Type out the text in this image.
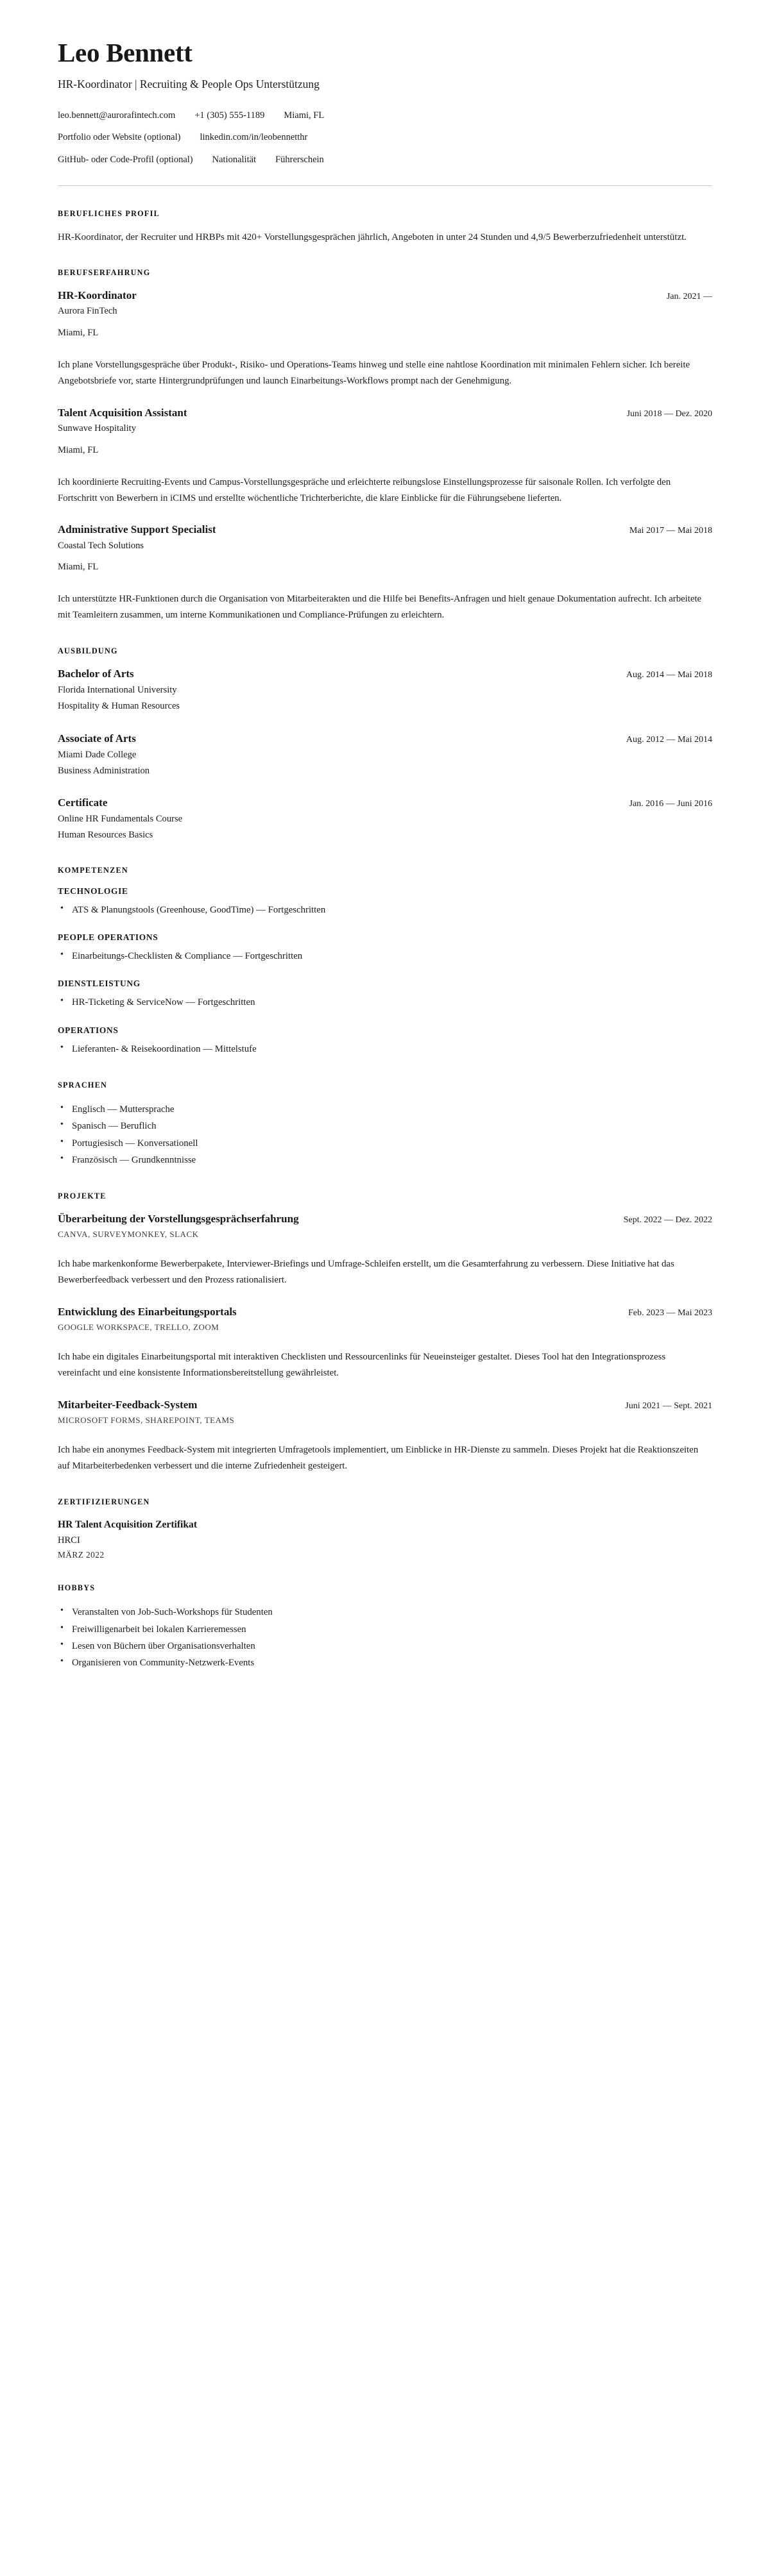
Leo Bennett

HR-Koordinator | Recruiting & People Ops Unterstützung

leo.bennett@aurorafintech.com +1 (305) 555-1189 Miami, FL
Portfolio oder Website (optional) linkedin.com/in/leobennetthr
GitHub- oder Code-Profil (optional) Nationalität Führerschein
BERUFLICHES PROFIL

HR-Koordinator, der Recruiter und HRBPs mit 420+ Vorstellungsgesprächen jährlich, Angeboten in unter 24 Stunden und 4,9/5 Bewerberzufriedenheit unterstützt.

BERUFSERFAHRUNG
HR-Koordinator	Jan. 2021 —

Aurora FinTech

Miami, FL

Ich plane Vorstellungsgespräche über Produkt-, Risiko- und Operations-Teams hinweg und stelle eine nahtlose Koordination mit minimalen Fehlern sicher. Ich bereite Angebotsbriefe vor, starte Hintergrundprüfungen und launch Einarbeitungs-Workflows prompt nach der Genehmigung.

Talent Acquisition Assistant	Juni 2018 — Dez. 2020

Sunwave Hospitality

Miami, FL

Ich koordinierte Recruiting-Events und Campus-Vorstellungsgespräche und erleichterte reibungslose Einstellungsprozesse für saisonale Rollen. Ich verfolgte den Fortschritt von Bewerbern in iCIMS und erstellte wöchentliche Trichterberichte, die klare Einblicke für die Führungsebene lieferten.

Administrative Support Specialist	Mai 2017 — Mai 2018

Coastal Tech Solutions

Miami, FL

Ich unterstützte HR-Funktionen durch die Organisation von Mitarbeiterakten und die Hilfe bei Benefits-Anfragen und hielt genaue Dokumentation aufrecht. Ich arbeitete mit Teamleitern zusammen, um interne Kommunikationen und Compliance-Prüfungen zu erleichtern.

AUSBILDUNG
Bachelor of Arts	Aug. 2014 — Mai 2018

Florida International University

Hospitality & Human Resources

Associate of Arts	Aug. 2012 — Mai 2014

Miami Dade College

Business Administration

Certificate	Jan. 2016 — Juni 2016

Online HR Fundamentals Course

Human Resources Basics

KOMPETENZEN
TECHNOLOGIE
• ATS & Planungstools (Greenhouse, GoodTime) — Fortgeschritten
PEOPLE OPERATIONS
• Einarbeitungs-Checklisten & Compliance — Fortgeschritten
DIENSTLEISTUNG
• HR-Ticketing & ServiceNow — Fortgeschritten
OPERATIONS
• Lieferanten- & Reisekoordination — Mittelstufe
SPRACHEN
• Englisch — Muttersprache
• Spanisch — Beruflich
• Portugiesisch — Konversationell
• Französisch — Grundkenntnisse
PROJEKTE
Überarbeitung der Vorstellungsgesprächserfahrung	Sept. 2022 — Dez. 2022

CANVA, SURVEYMONKEY, SLACK

Ich habe markenkonforme Bewerberpakete, Interviewer-Briefings und Umfrage-Schleifen erstellt, um die Gesamterfahrung zu verbessern. Diese Initiative hat das Bewerberfeedback verbessert und den Prozess rationalisiert.

Entwicklung des Einarbeitungsportals	Feb. 2023 — Mai 2023

GOOGLE WORKSPACE, TRELLO, ZOOM

Ich habe ein digitales Einarbeitungsportal mit interaktiven Checklisten und Ressourcenlinks für Neueinsteiger gestaltet. Dieses Tool hat den Integrationsprozess vereinfacht und eine konsistente Informationsbereitstellung gewährleistet.

Mitarbeiter-Feedback-System	Juni 2021 — Sept. 2021

MICROSOFT FORMS, SHAREPOINT, TEAMS

Ich habe ein anonymes Feedback-System mit integrierten Umfragetools implementiert, um Einblicke in HR-Dienste zu sammeln. Dieses Projekt hat die Reaktionszeiten auf Mitarbeiterbedenken verbessert und die interne Zufriedenheit gesteigert.

ZERTIFIZIERUNGEN
HR Talent Acquisition Zertifikat

HRCI

MÄRZ 2022

HOBBYS
• Veranstalten von Job-Such-Workshops für Studenten
• Freiwilligenarbeit bei lokalen Karrieremessen
• Lesen von Büchern über Organisationsverhalten
• Organisieren von Community-Netzwerk-Events
